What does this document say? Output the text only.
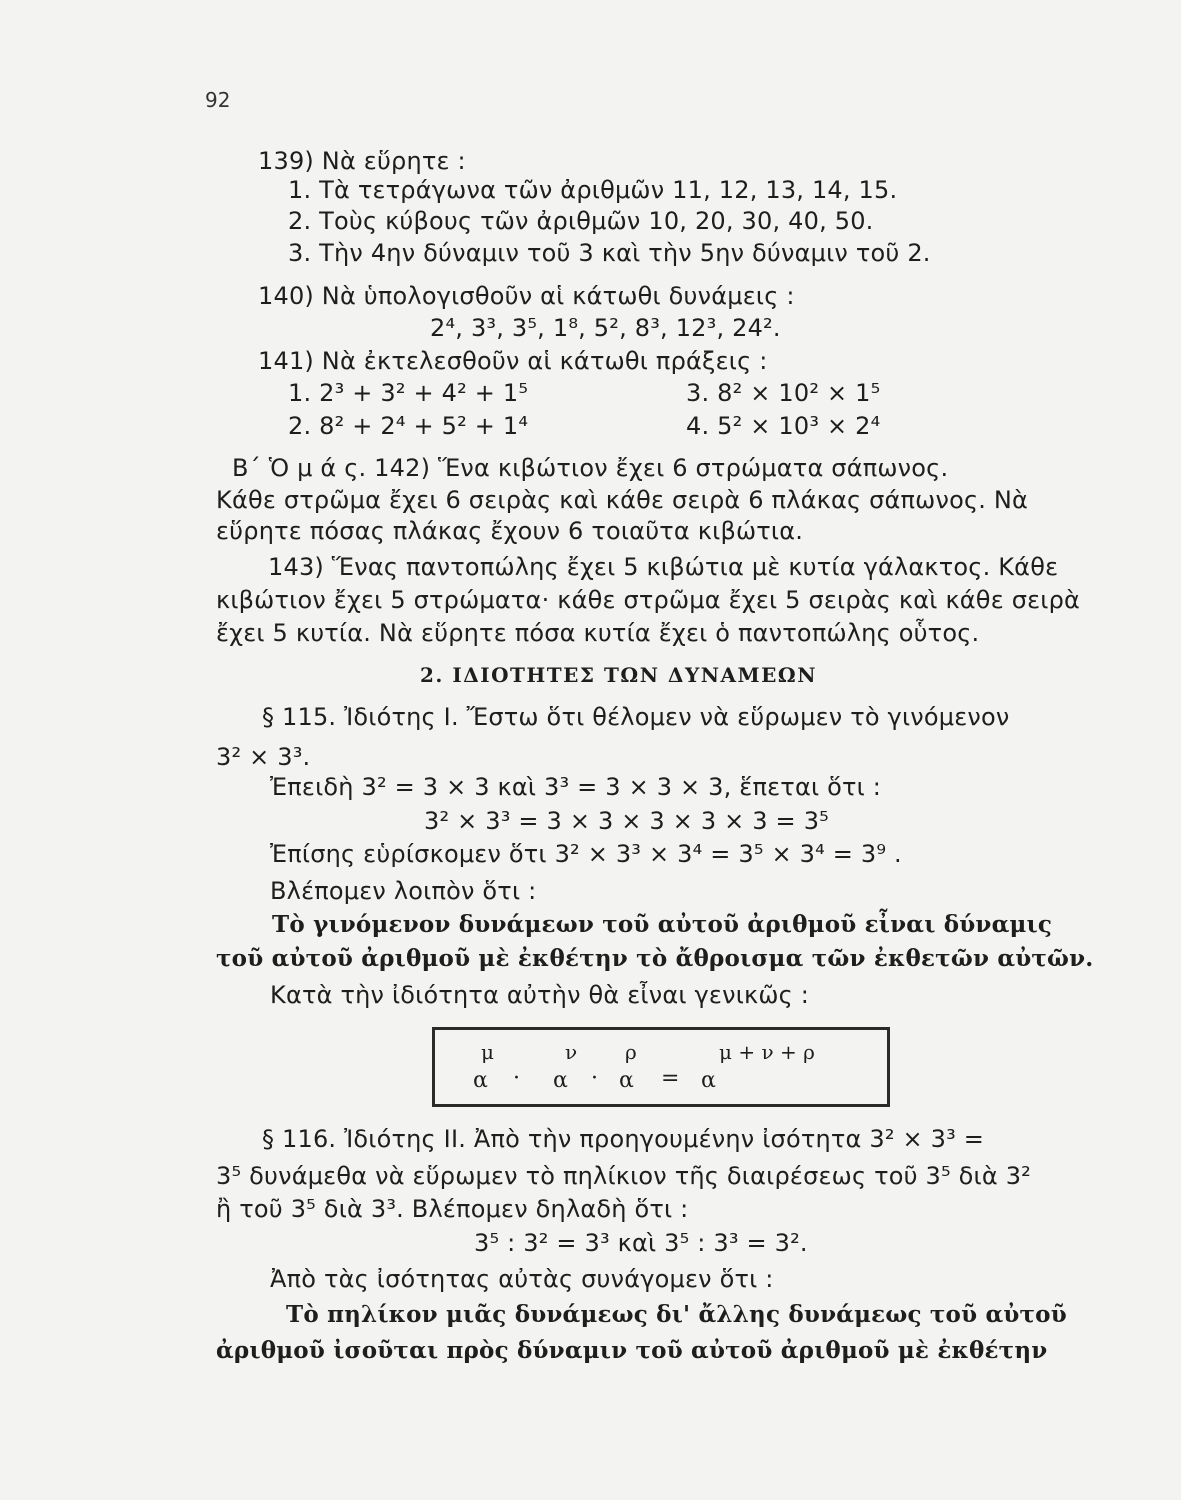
92
139) Νὰ εὕρητε :
1. Τὰ τετράγωνα τῶν ἀριθμῶν 11, 12, 13, 14, 15.
2. Τοὺς κύβους τῶν ἀριθμῶν 10, 20, 30, 40, 50.
3. Τὴν 4ην δύναμιν τοῦ 3 καὶ τὴν 5ην δύναμιν τοῦ 2.
140) Νὰ ὑπολογισθοῦν αἱ κάτωθι δυνάμεις :
2⁴, 3³, 3⁵, 1⁸, 5², 8³, 12³, 24².
141) Νὰ ἐκτελεσθοῦν αἱ κάτωθι πράξεις :
1. 2³ + 3² + 4² + 1⁵	3. 8² × 10² × 1⁵
2. 8² + 2⁴ + 5² + 1⁴	4. 5² × 10³ × 2⁴
Β΄ Ὁ μ ά ς. 142) Ἕνα κιβώτιον ἔχει 6 στρώματα σάπωνος.
Κάθε στρῶμα ἔχει 6 σειρὰς καὶ κάθε σειρὰ 6 πλάκας σάπωνος. Νὰ
εὕρητε πόσας πλάκας ἔχουν 6 τοιαῦτα κιβώτια.
143) Ἕνας παντοπώλης ἔχει 5 κιβώτια μὲ κυτία γάλακτος. Κάθε
κιβώτιον ἔχει 5 στρώματα· κάθε στρῶμα ἔχει 5 σειρὰς καὶ κάθε σειρὰ
ἔχει 5 κυτία. Νὰ εὕρητε πόσα κυτία ἔχει ὁ παντοπώλης οὗτος.
2. ΙΔΙΟΤΗΤΕΣ ΤΩΝ ΔΥΝΑΜΕΩΝ
§ 115. Ἰδιότης Ι. Ἔστω ὅτι θέλομεν νὰ εὕρωμεν τὸ γινόμενον
3² × 3³.
Ἐπειδὴ 3² = 3 × 3 καὶ 3³ = 3 × 3 × 3, ἕπεται ὅτι :
3² × 3³ = 3 × 3 × 3 × 3 × 3 = 3⁵
Ἐπίσης εὑρίσκομεν ὅτι 3² × 3³ × 3⁴ = 3⁵ × 3⁴ = 3⁹ .
Βλέπομεν λοιπὸν ὅτι :
Τὸ γινόμενον δυνάμεων τοῦ αὐτοῦ ἀριθμοῦ εἶναι δύναμις
τοῦ αὐτοῦ ἀριθμοῦ μὲ ἐκθέτην τὸ ἄθροισμα τῶν ἐκθετῶν αὐτῶν.
Κατὰ τὴν ἰδιότητα αὐτὴν θὰ εἶναι γενικῶς :
μ	ν ρ	μ + ν + ρ
α · α · α = α
§ 116. Ἰδιότης ΙΙ. Ἀπὸ τὴν προηγουμένην ἰσότητα 3² × 3³ =
3⁵ δυνάμεθα νὰ εὕρωμεν τὸ πηλίκιον τῆς διαιρέσεως τοῦ 3⁵ διὰ 3²
ἢ τοῦ 3⁵ διὰ 3³. Βλέπομεν δηλαδὴ ὅτι :
3⁵ : 3² = 3³ καὶ 3⁵ : 3³ = 3².
Ἀπὸ τὰς ἰσότητας αὐτὰς συνάγομεν ὅτι :
Τὸ πηλίκον μιᾶς δυνάμεως δι' ἄλλης δυνάμεως τοῦ αὐτοῦ
ἀριθμοῦ ἰσοῦται πρὸς δύναμιν τοῦ αὐτοῦ ἀριθμοῦ μὲ ἐκθέτην
